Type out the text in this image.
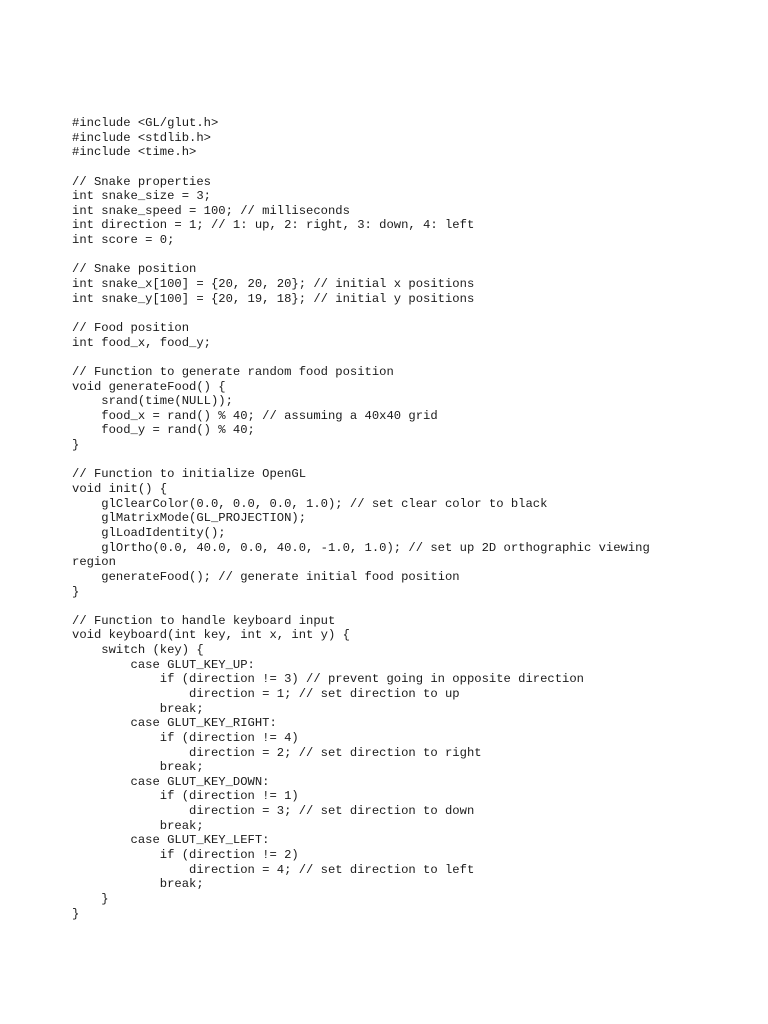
#include <GL/glut.h>
#include <stdlib.h>
#include <time.h>
// Snake properties
int snake_size = 3;
int snake_speed = 100; // milliseconds
int direction = 1; // 1: up, 2: right, 3: down, 4: left
int score = 0;
// Snake position
int snake_x[100] = {20, 20, 20}; // initial x positions
int snake_y[100] = {20, 19, 18}; // initial y positions
// Food position
int food_x, food_y;
// Function to generate random food position
void generateFood() {
srand(time(NULL));
food_x = rand() % 40; // assuming a 40x40 grid
food_y = rand() % 40;
}
// Function to initialize OpenGL
void init() {
glClearColor(0.0, 0.0, 0.0, 1.0); // set clear color to black
glMatrixMode(GL_PROJECTION);
glLoadIdentity();
glOrtho(0.0, 40.0, 0.0, 40.0, -1.0, 1.0); // set up 2D orthographic viewing
region
generateFood(); // generate initial food position
}
// Function to handle keyboard input
void keyboard(int key, int x, int y) {
switch (key) {
case GLUT_KEY_UP:
if (direction != 3) // prevent going in opposite direction
direction = 1; // set direction to up
break;
case GLUT_KEY_RIGHT:
if (direction != 4)
direction = 2; // set direction to right
break;
case GLUT_KEY_DOWN:
if (direction != 1)
direction = 3; // set direction to down
break;
case GLUT_KEY_LEFT:
if (direction != 2)
direction = 4; // set direction to left
break;
}
}
